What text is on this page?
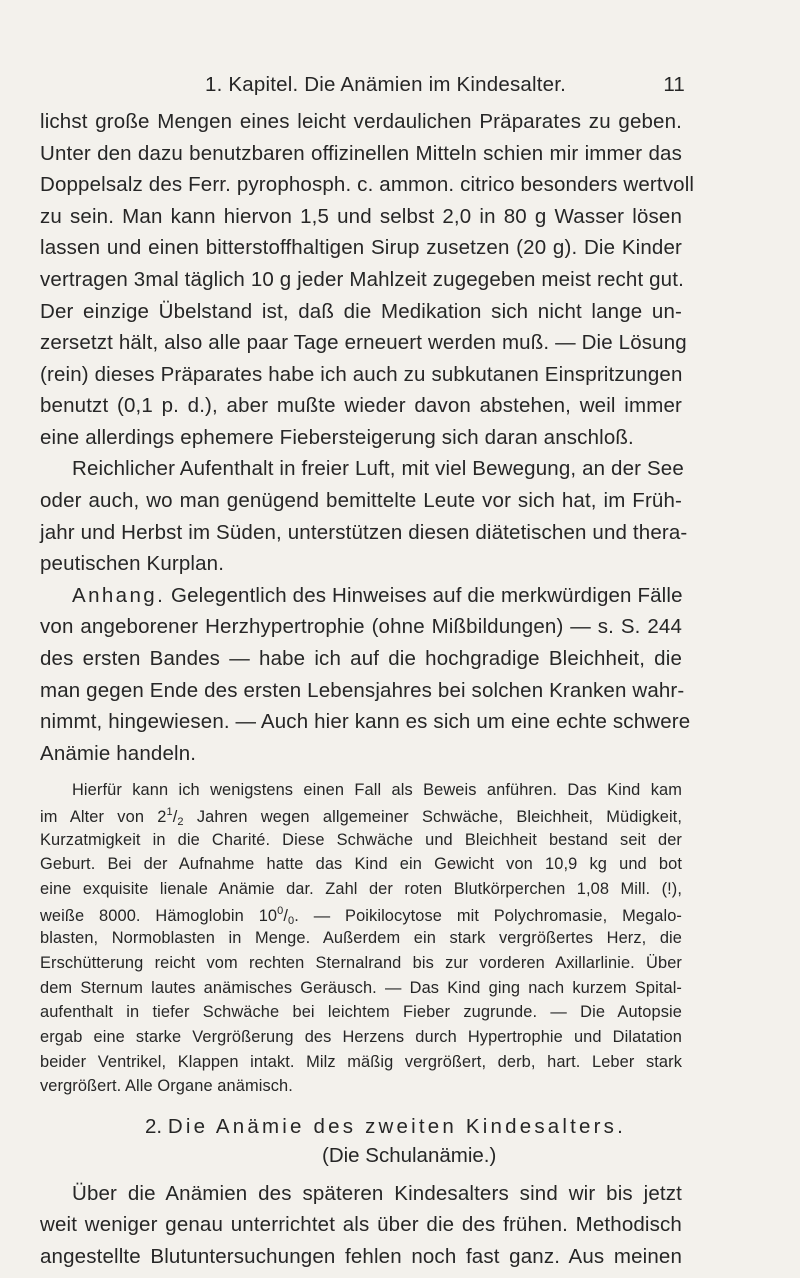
1. Kapitel. Die Anämien im Kindesalter.	11
lichst große Mengen eines leicht verdaulichen Präparates zu geben.
Unter den dazu benutzbaren offizinellen Mitteln schien mir immer das
Doppelsalz des Ferr. pyrophosph. c. ammon. citrico besonders wertvoll
zu sein. Man kann hiervon 1,5 und selbst 2,0 in 80 g Wasser lösen
lassen und einen bitterstoffhaltigen Sirup zusetzen (20 g). Die Kinder
vertragen 3mal täglich 10 g jeder Mahlzeit zugegeben meist recht gut.
Der einzige Übelstand ist, daß die Medikation sich nicht lange un-
zersetzt hält, also alle paar Tage erneuert werden muß. — Die Lösung
(rein) dieses Präparates habe ich auch zu subkutanen Einspritzungen
benutzt (0,1 p. d.), aber mußte wieder davon abstehen, weil immer
eine allerdings ephemere Fiebersteigerung sich daran anschloß.
Reichlicher Aufenthalt in freier Luft, mit viel Bewegung, an der See
oder auch, wo man genügend bemittelte Leute vor sich hat, im Früh-
jahr und Herbst im Süden, unterstützen diesen diätetischen und thera-
peutischen Kurplan.
Anhang. Gelegentlich des Hinweises auf die merkwürdigen Fälle
von angeborener Herzhypertrophie (ohne Mißbildungen) — s. S. 244
des ersten Bandes — habe ich auf die hochgradige Bleichheit, die
man gegen Ende des ersten Lebensjahres bei solchen Kranken wahr-
nimmt, hingewiesen. — Auch hier kann es sich um eine echte schwere
Anämie handeln.
Hierfür kann ich wenigstens einen Fall als Beweis anführen. Das Kind kam
im Alter von $2^1/_2$ Jahren wegen allgemeiner Schwäche, Bleichheit, Müdigkeit,
Kurzatmigkeit in die Charité. Diese Schwäche und Bleichheit bestand seit der
Geburt. Bei der Aufnahme hatte das Kind ein Gewicht von 10,9 kg und bot
eine exquisite lienale Anämie dar. Zahl der roten Blutkörperchen 1,08 Mill. (!),
weiße 8000. Hämoglobin $10^0/_0$. — Poikilocytose mit Polychromasie, Megalo-
blasten, Normoblasten in Menge. Außerdem ein stark vergrößertes Herz, die
Erschütterung reicht vom rechten Sternalrand bis zur vorderen Axillarlinie. Über
dem Sternum lautes anämisches Geräusch. — Das Kind ging nach kurzem Spital-
aufenthalt in tiefer Schwäche bei leichtem Fieber zugrunde. — Die Autopsie
ergab eine starke Vergrößerung des Herzens durch Hypertrophie und Dilatation
beider Ventrikel, Klappen intakt. Milz mäßig vergrößert, derb, hart. Leber stark
vergrößert. Alle Organe anämisch.
2. Die Anämie des zweiten Kindesalters.
(Die Schulanämie.)
Über die Anämien des späteren Kindesalters sind wir bis jetzt
weit weniger genau unterrichtet als über die des frühen. Methodisch
angestellte Blutuntersuchungen fehlen noch fast ganz. Aus meinen
